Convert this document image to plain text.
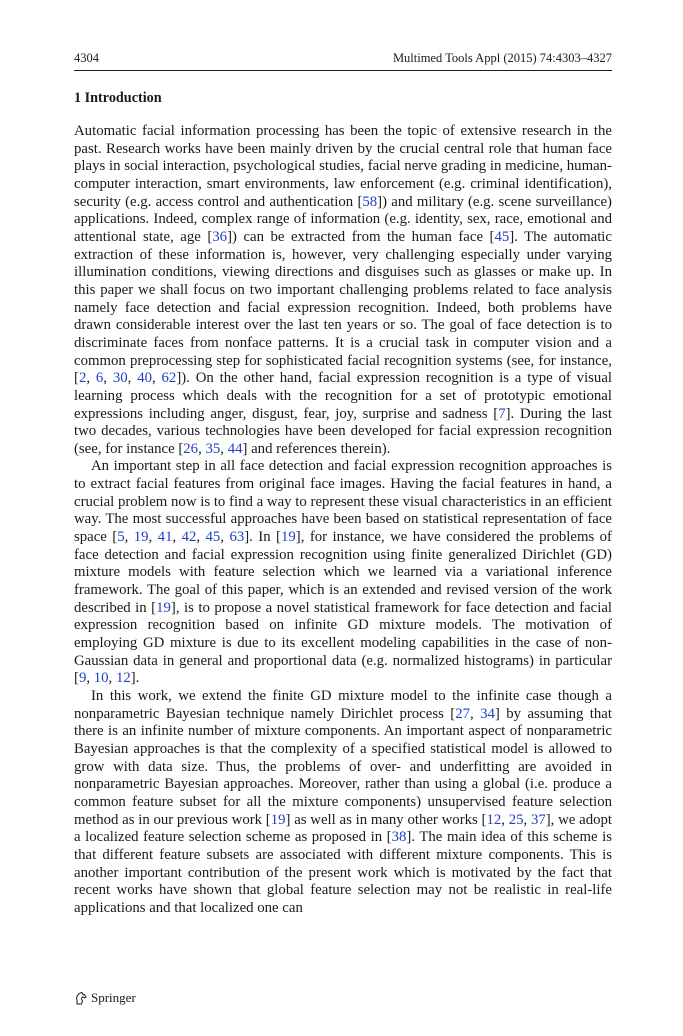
4304	Multimed Tools Appl (2015) 74:4303–4327
1 Introduction

Automatic facial information processing has been the topic of extensive research in the past. Research works have been mainly driven by the crucial central role that human face plays in social interaction, psychological studies, facial nerve grading in medicine, human-computer interaction, smart environments, law enforcement (e.g. criminal identification), security (e.g. access control and authentication [58]) and military (e.g. scene surveillance) applications. Indeed, complex range of information (e.g. identity, sex, race, emotional and attentional state, age [36]) can be extracted from the human face [45]. The automatic extraction of these information is, however, very challenging especially under varying illumination conditions, viewing directions and disguises such as glasses or make up. In this paper we shall focus on two important challenging problems related to face analysis namely face detection and facial expression recognition. Indeed, both problems have drawn considerable interest over the last ten years or so. The goal of face detection is to discriminate faces from nonface patterns. It is a crucial task in computer vision and a common preprocessing step for sophisticated facial recognition systems (see, for instance, [2, 6, 30, 40, 62]). On the other hand, facial expression recognition is a type of visual learning process which deals with the recognition for a set of prototypic emotional expressions including anger, disgust, fear, joy, surprise and sadness [7]. During the last two decades, various technologies have been developed for facial expression recognition (see, for instance [26, 35, 44] and references therein).

An important step in all face detection and facial expression recognition approaches is to extract facial features from original face images. Having the facial features in hand, a crucial problem now is to find a way to represent these visual characteristics in an efficient way. The most successful approaches have been based on statistical representation of face space [5, 19, 41, 42, 45, 63]. In [19], for instance, we have considered the problems of face detection and facial expression recognition using finite generalized Dirichlet (GD) mixture models with feature selection which we learned via a variational inference framework. The goal of this paper, which is an extended and revised version of the work described in [19], is to propose a novel statistical framework for face detection and facial expression recognition based on infinite GD mixture models. The motivation of employing GD mixture is due to its excellent modeling capabilities in the case of non-Gaussian data in general and proportional data (e.g. normalized histograms) in particular [9, 10, 12].

In this work, we extend the finite GD mixture model to the infinite case though a nonparametric Bayesian technique namely Dirichlet process [27, 34] by assuming that there is an infinite number of mixture components. An important aspect of nonparametric Bayesian approaches is that the complexity of a specified statistical model is allowed to grow with data size. Thus, the problems of over- and underfitting are avoided in nonparametric Bayesian approaches. Moreover, rather than using a global (i.e. produce a common feature subset for all the mixture components) unsupervised feature selection method as in our previous work [19] as well as in many other works [12, 25, 37], we adopt a localized feature selection scheme as proposed in [38]. The main idea of this scheme is that different feature subsets are associated with different mixture components. This is another important contribution of the present work which is motivated by the fact that recent works have shown that global feature selection may not be realistic in real-life applications and that localized one can

Springer
